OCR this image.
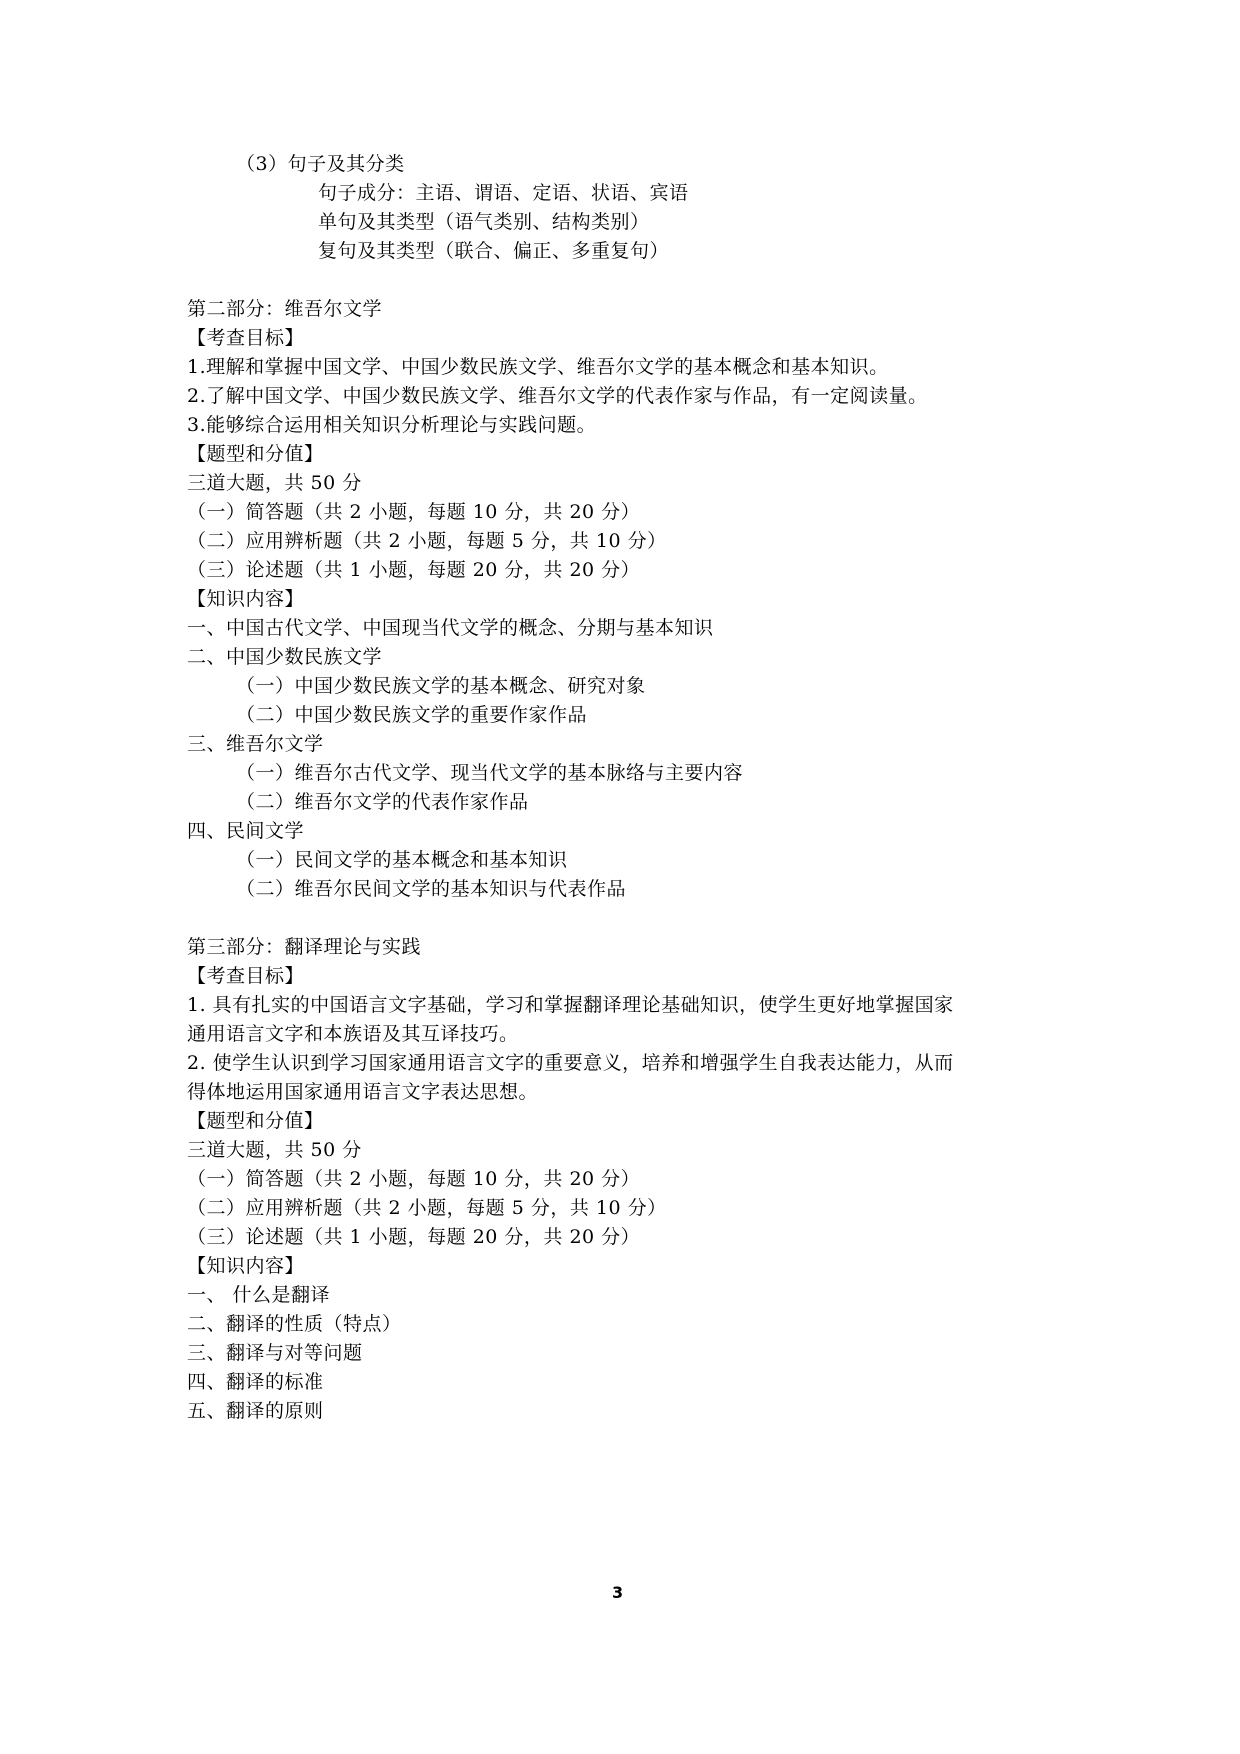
（3）句子及其分类
句子成分：主语、谓语、定语、状语、宾语
单句及其类型（语气类别、结构类别）
复句及其类型（联合、偏正、多重复句）
第二部分：维吾尔文学
【考查目标】
1.理解和掌握中国文学、中国少数民族文学、维吾尔文学的基本概念和基本知识。
2.了解中国文学、中国少数民族文学、维吾尔文学的代表作家与作品，有一定阅读量。
3.能够综合运用相关知识分析理论与实践问题。
【题型和分值】
三道大题，共 50 分
（一）简答题（共 2 小题，每题 10 分，共 20 分）
（二）应用辨析题（共 2 小题，每题 5 分，共 10 分）
（三）论述题（共 1 小题，每题 20 分，共 20 分）
【知识内容】
一、中国古代文学、中国现当代文学的概念、分期与基本知识
二、中国少数民族文学
（一）中国少数民族文学的基本概念、研究对象
（二）中国少数民族文学的重要作家作品
三、维吾尔文学
（一）维吾尔古代文学、现当代文学的基本脉络与主要内容
（二）维吾尔文学的代表作家作品
四、民间文学
（一）民间文学的基本概念和基本知识
（二）维吾尔民间文学的基本知识与代表作品
第三部分：翻译理论与实践
【考查目标】
1. 具有扎实的中国语言文字基础，学习和掌握翻译理论基础知识，使学生更好地掌握国家
通用语言文字和本族语及其互译技巧。
2. 使学生认识到学习国家通用语言文字的重要意义，培养和增强学生自我表达能力，从而
得体地运用国家通用语言文字表达思想。
【题型和分值】
三道大题，共 50 分
（一）简答题（共 2 小题，每题 10 分，共 20 分）
（二）应用辨析题（共 2 小题，每题 5 分，共 10 分）
（三）论述题（共 1 小题，每题 20 分，共 20 分）
【知识内容】
一、 什么是翻译
二、翻译的性质（特点）
三、翻译与对等问题
四、翻译的标准
五、翻译的原则
3
